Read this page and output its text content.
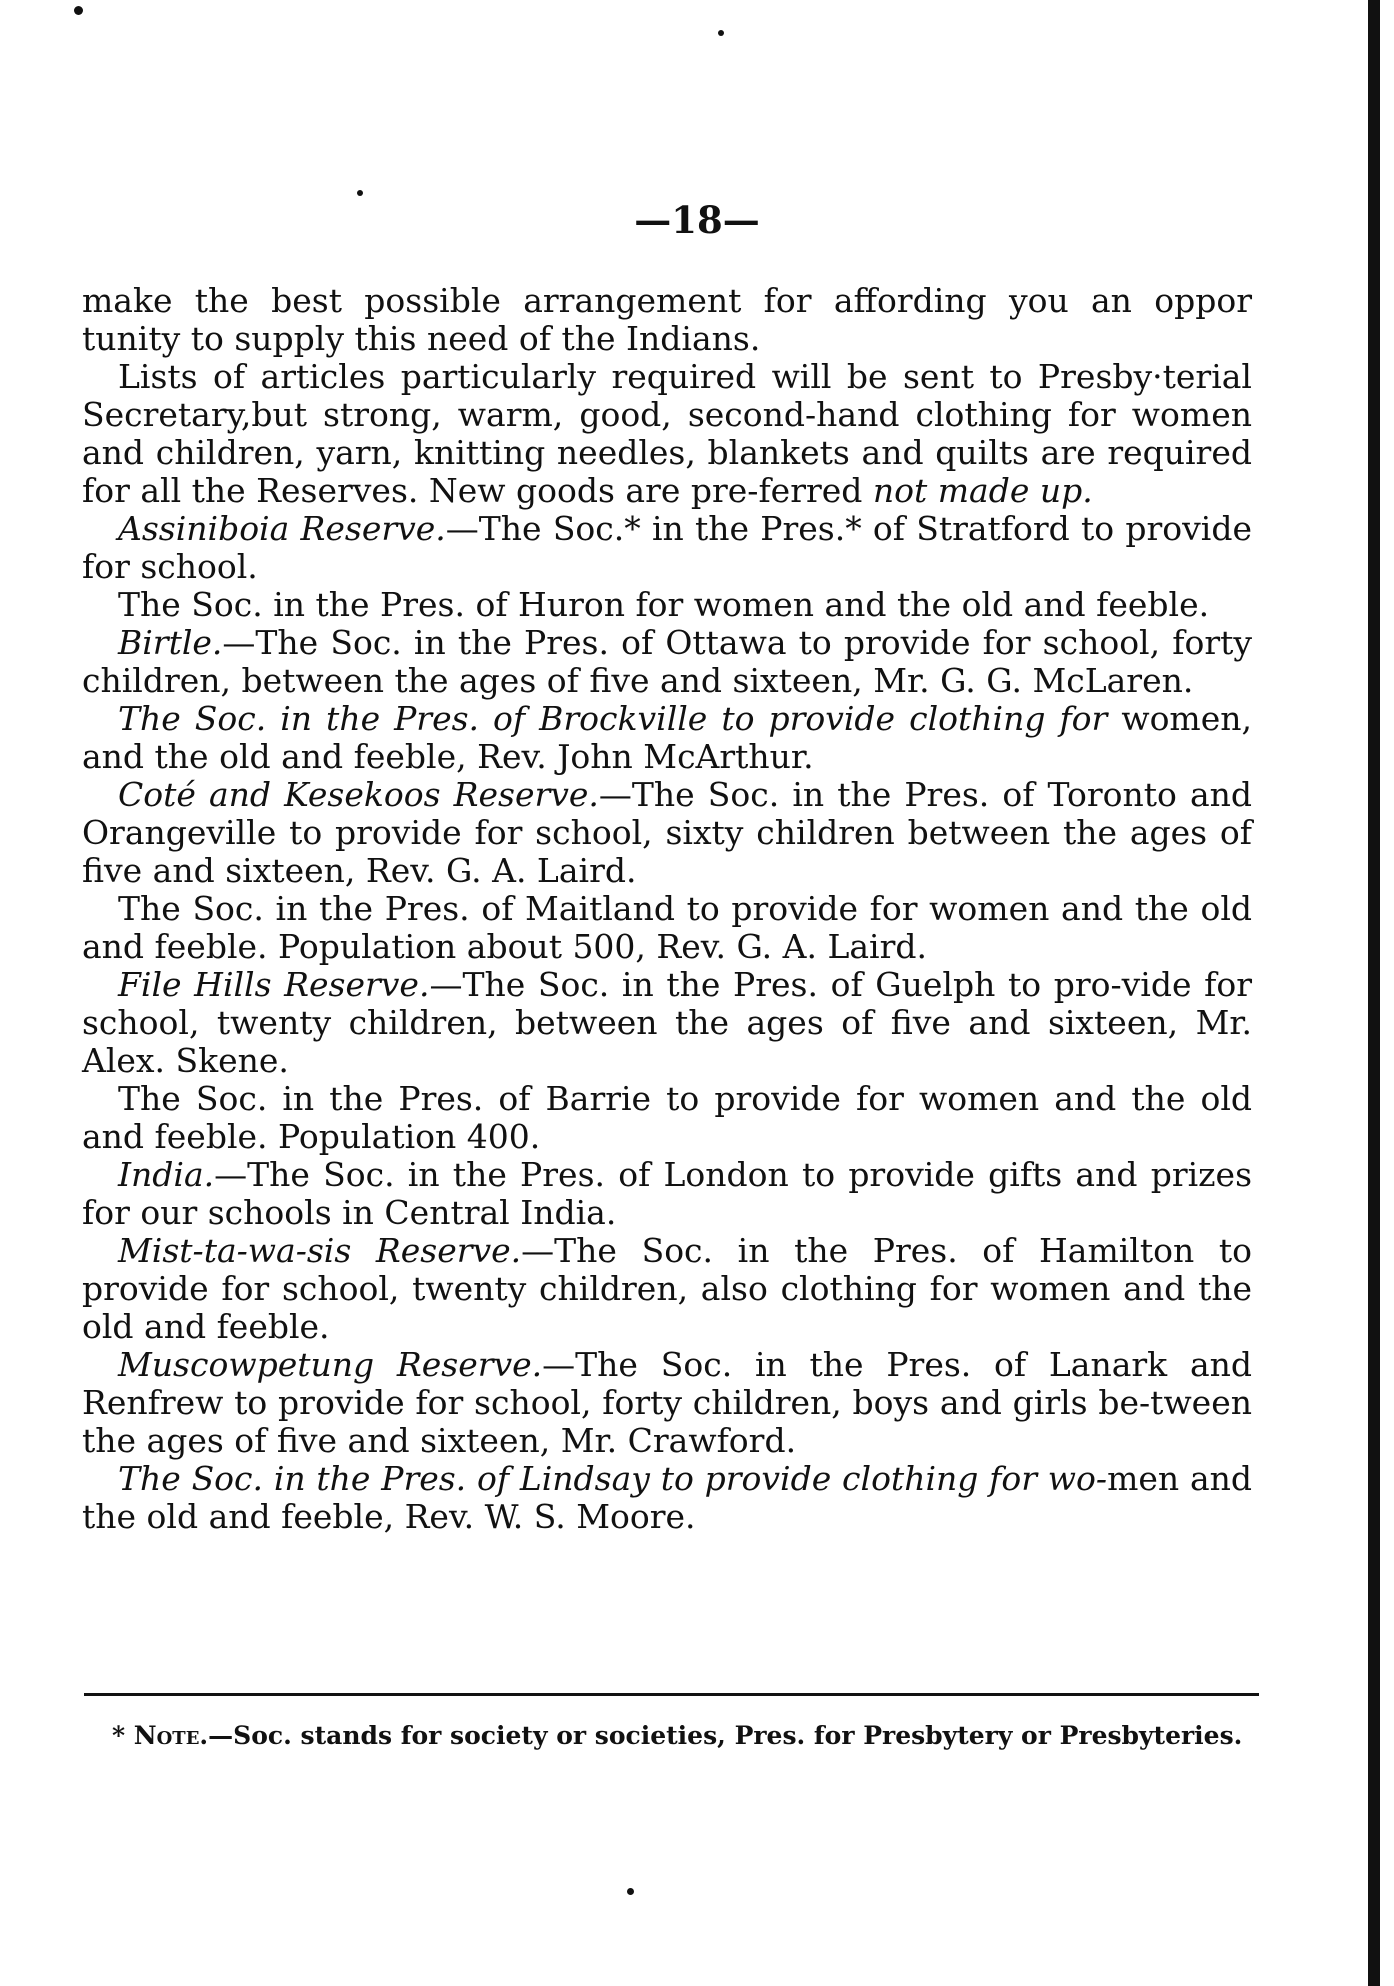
—18—

make the best possible arrangement for affording you an oppor tunity to supply this need of the Indians.

Lists of articles particularly required will be sent to Presby·terial Secretary,but strong, warm, good, second-hand clothing for women and children, yarn, knitting needles, blankets and quilts are required for all the Reserves. New goods are pre-ferred not made up.

Assiniboia Reserve.—The Soc.* in the Pres.* of Stratford to provide for school.

The Soc. in the Pres. of Huron for women and the old and feeble.

Birtle.—The Soc. in the Pres. of Ottawa to provide for school, forty children, between the ages of five and sixteen, Mr. G. G. McLaren.

The Soc. in the Pres. of Brockville to provide clothing for women, and the old and feeble, Rev. John McArthur.

Coté and Kesekoos Reserve.—The Soc. in the Pres. of Toronto and Orangeville to provide for school, sixty children between the ages of five and sixteen, Rev. G. A. Laird.

The Soc. in the Pres. of Maitland to provide for women and the old and feeble. Population about 500, Rev. G. A. Laird.

File Hills Reserve.—The Soc. in the Pres. of Guelph to pro-vide for school, twenty children, between the ages of five and sixteen, Mr. Alex. Skene.

The Soc. in the Pres. of Barrie to provide for women and the old and feeble. Population 400.

India.—The Soc. in the Pres. of London to provide gifts and prizes for our schools in Central India.

Mist-ta-wa-sis Reserve.—The Soc. in the Pres. of Hamilton to provide for school, twenty children, also clothing for women and the old and feeble.

Muscowpetung Reserve.—The Soc. in the Pres. of Lanark and Renfrew to provide for school, forty children, boys and girls be-tween the ages of five and sixteen, Mr. Crawford.

The Soc. in the Pres. of Lindsay to provide clothing for wo-men and the old and feeble, Rev. W. S. Moore.

* Note.—Soc. stands for society or societies, Pres. for Presbytery or Presbyteries.
